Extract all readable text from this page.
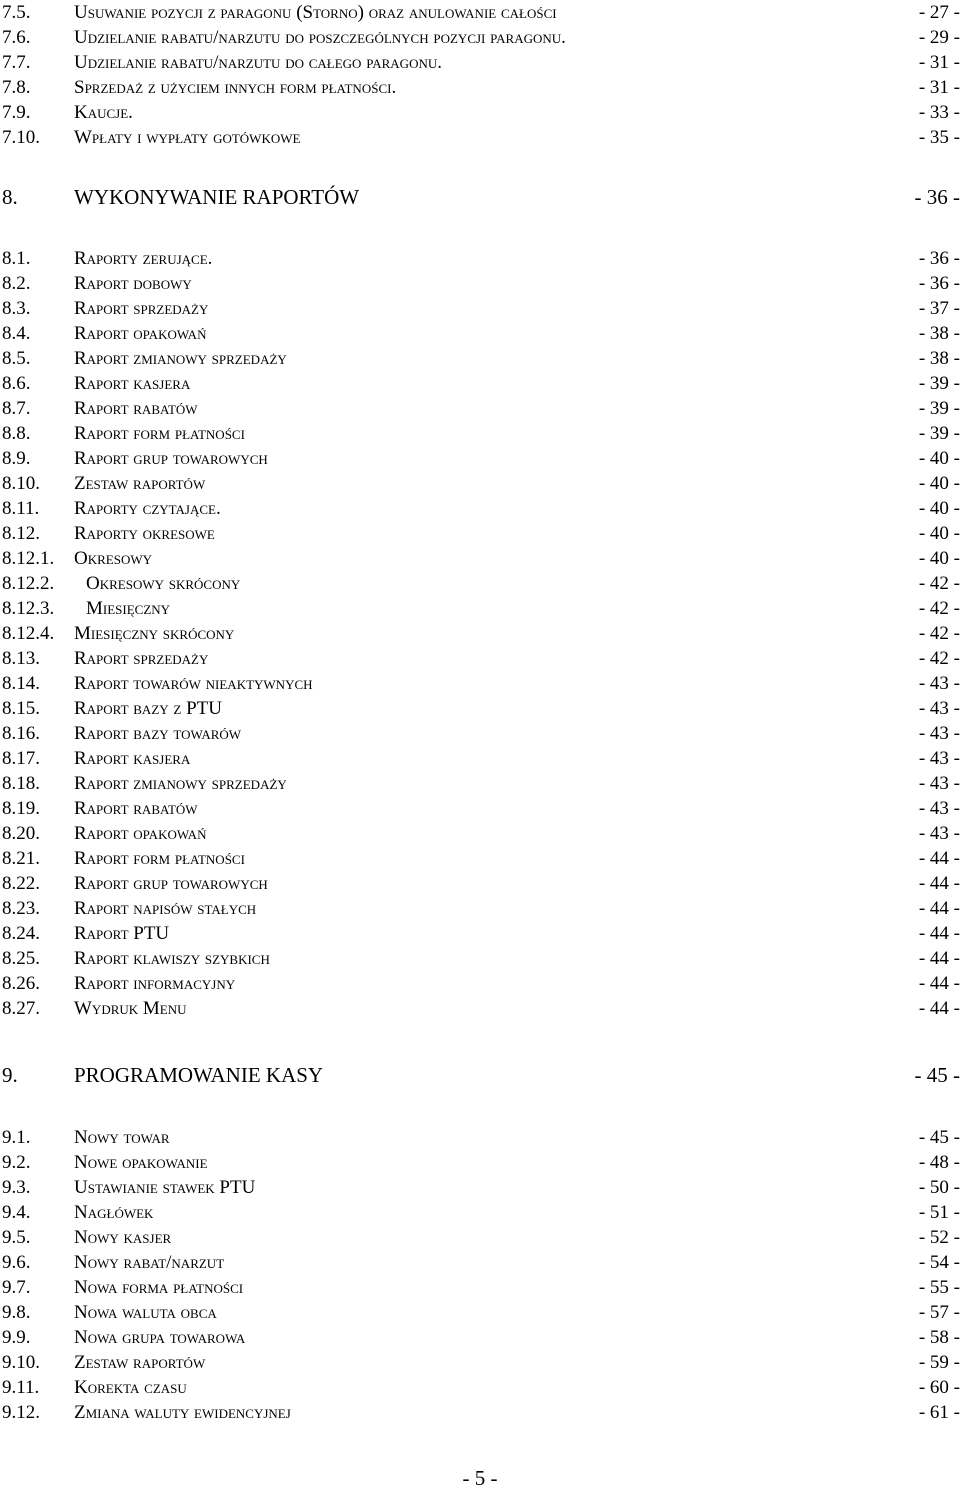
7.5. Usuwanie pozycji z paragonu (Storno) oraz anulowanie całości	- 27 -
7.6. Udzielanie rabatu/narzutu do poszczególnych pozycji paragonu.	- 29 -
7.7. Udzielanie rabatu/narzutu do całego paragonu.	- 31 -
7.8. Sprzedaż z użyciem innych form płatności.	- 31 -
7.9. Kaucje.	- 33 -
7.10. Wpłaty i wypłaty gotówkowe	- 35 -
8.	WYKONYWANIE RAPORTÓW	- 36 -
8.1. Raporty zerujące.	- 36 -
8.2. Raport dobowy	- 36 -
8.3. Raport sprzedaży	- 37 -
8.4. Raport opakowań	- 38 -
8.5. Raport zmianowy sprzedaży	- 38 -
8.6. Raport kasjera	- 39 -
8.7. Raport rabatów	- 39 -
8.8. Raport form płatności	- 39 -
8.9. Raport grup towarowych	- 40 -
8.10. Zestaw raportów	- 40 -
8.11. Raporty czytające.	- 40 -
8.12. Raporty okresowe	- 40 -
8.12.1. Okresowy	- 40 -
8.12.2. Okresowy skrócony	- 42 -
8.12.3. Miesięczny	- 42 -
8.12.4. Miesięczny skrócony	- 42 -
8.13. Raport sprzedaży	- 42 -
8.14. Raport towarów nieaktywnych	- 43 -
8.15. Raport bazy z PTU	- 43 -
8.16. Raport bazy towarów	- 43 -
8.17. Raport kasjera	- 43 -
8.18. Raport zmianowy sprzedaży	- 43 -
8.19. Raport rabatów	- 43 -
8.20. Raport opakowań	- 43 -
8.21. Raport form płatności	- 44 -
8.22. Raport grup towarowych	- 44 -
8.23. Raport napisów stałych	- 44 -
8.24. Raport PTU	- 44 -
8.25. Raport klawiszy szybkich	- 44 -
8.26. Raport informacyjny	- 44 -
8.27. Wydruk Menu	- 44 -
9.	PROGRAMOWANIE KASY	- 45 -
9.1. Nowy towar	- 45 -
9.2. Nowe opakowanie	- 48 -
9.3. Ustawianie stawek PTU	- 50 -
9.4. Nagłówek	- 51 -
9.5. Nowy kasjer	- 52 -
9.6. Nowy rabat/narzut	- 54 -
9.7. Nowa forma płatności	- 55 -
9.8. Nowa waluta obca	- 57 -
9.9. Nowa grupa towarowa	- 58 -
9.10. Zestaw raportów	- 59 -
9.11. Korekta czasu	- 60 -
9.12. Zmiana waluty ewidencyjnej	- 61 -
- 5 -
